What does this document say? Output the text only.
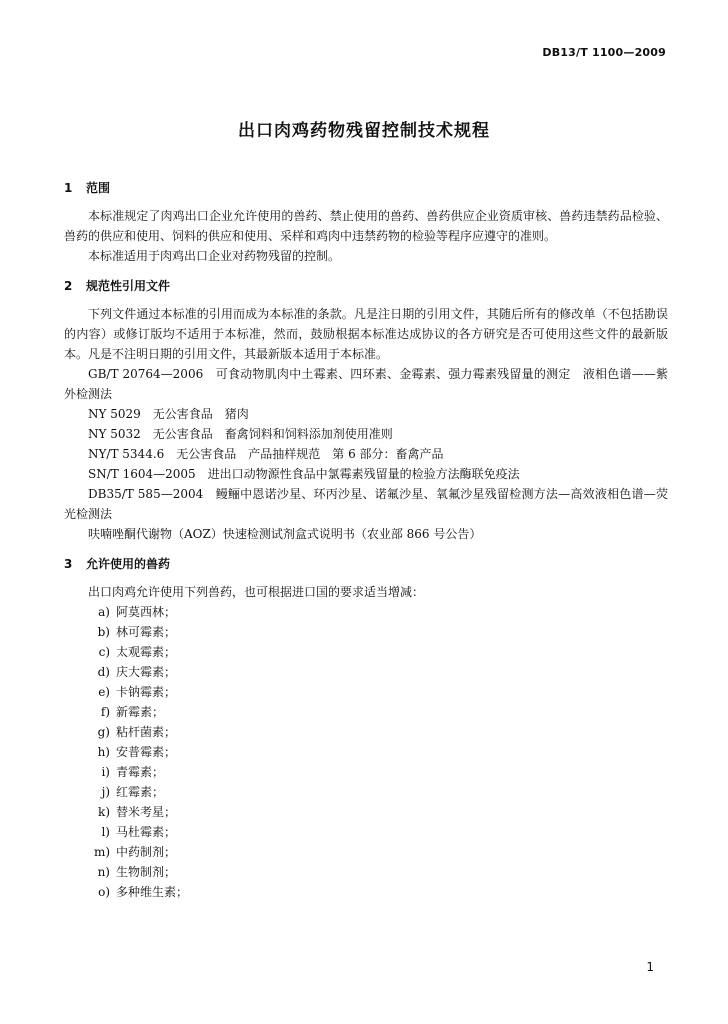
DB13/T 1100—2009
出口肉鸡药物残留控制技术规程
1 范围

本标准规定了肉鸡出口企业允许使用的兽药、禁止使用的兽药、兽药供应企业资质审核、兽药违禁药品检验、兽药的供应和使用、饲料的供应和使用、采样和鸡肉中违禁药物的检验等程序应遵守的准则。

本标准适用于肉鸡出口企业对药物残留的控制。

2 规范性引用文件

下列文件通过本标准的引用而成为本标准的条款。凡是注日期的引用文件，其随后所有的修改单（不包括勘误的内容）或修订版均不适用于本标准，然而，鼓励根据本标准达成协议的各方研究是否可使用这些文件的最新版本。凡是不注明日期的引用文件，其最新版本适用于本标准。

GB/T 20764—2006　可食动物肌肉中土霉素、四环素、金霉素、强力霉素残留量的测定　液相色谱——紫外检测法

NY 5029　无公害食品　猪肉

NY 5032　无公害食品　畜禽饲料和饲料添加剂使用准则

NY/T 5344.6　无公害食品　产品抽样规范　第 6 部分：畜禽产品

SN/T 1604—2005　进出口动物源性食品中氯霉素残留量的检验方法酶联免疫法

DB35/T 585—2004　鳗鲡中恩诺沙星、环丙沙星、诺氟沙星、氧氟沙星残留检测方法—高效液相色谱—荧光检测法

呋喃唑酮代谢物（AOZ）快速检测试剂盒式说明书（农业部 866 号公告）

3 允许使用的兽药

出口肉鸡允许使用下列兽药，也可根据进口国的要求适当增减：

a) 阿莫西林；
b) 林可霉素；
c) 太观霉素；
d) 庆大霉素；
e) 卡钠霉素；
f) 新霉素；
g) 粘杆菌素；
h) 安普霉素；
i) 青霉素；
j) 红霉素；
k) 替米考星；
l) 马杜霉素；
m) 中药制剂；
n) 生物制剂；
o) 多种维生素；
1
